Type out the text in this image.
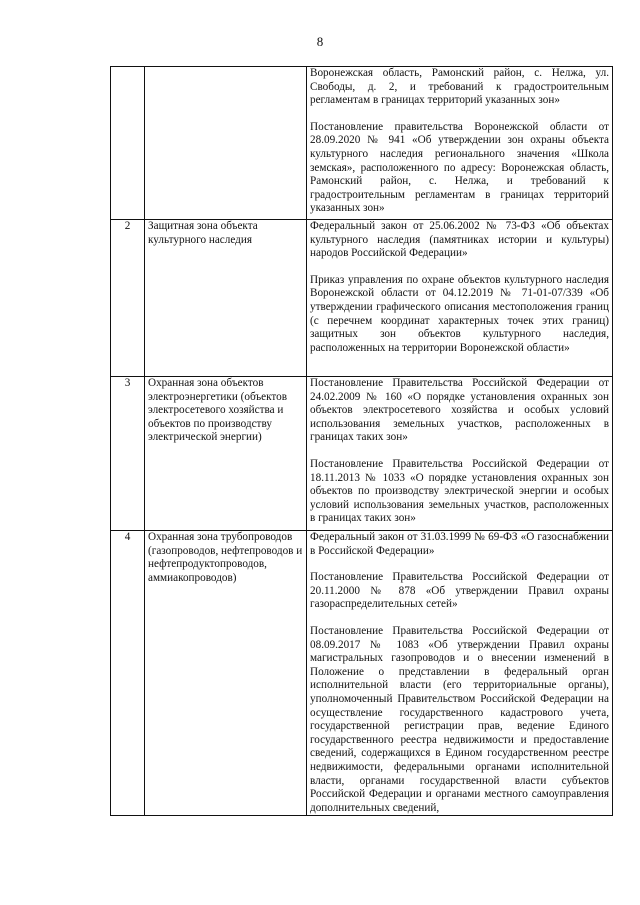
8

		Воронежская область, Рамонский район, с. Нелжа, ул. Свободы, д. 2, и требований к градостроительным регламентам в границах территорий указанных зон»

Постановление правительства Воронежской области от 28.09.2020 № 941 «Об утверждении зон охраны объекта культурного наследия регионального значения «Школа земская», расположенного по адресу: Воронежская область, Рамонский район, с. Нелжа, и требований к градостроительным регламентам в границах территорий указанных зон»

2	Защитная зона объекта культурного наследия	Федеральный закон от 25.06.2002 № 73-ФЗ «Об объектах культурного наследия (памятниках истории и культуры) народов Российской Федерации»

Приказ управления по охране объектов культурного наследия Воронежской области от 04.12.2019 № 71-01-07/339 «Об утверждении графического описания местоположения границ (с перечнем координат характерных точек этих границ) защитных зон объектов культурного наследия, расположенных на территории Воронежской области»

3	Охранная зона объектов электроэнергетики (объектов электросетевого хозяйства и объектов по производству электрической энергии)	Постановление Правительства Российской Федерации от 24.02.2009 № 160 «О порядке установления охранных зон объектов электросетевого хозяйства и особых условий использования земельных участков, расположенных в границах таких зон»

Постановление Правительства Российской Федерации от 18.11.2013 № 1033 «О порядке установления охранных зон объектов по производству электрической энергии и особых условий использования земельных участков, расположенных в границах таких зон»

4	Охранная зона трубопроводов (газопроводов, нефтепроводов и нефтепродуктопроводов, аммиакопроводов)	Федеральный закон от 31.03.1999 № 69-ФЗ «О газоснабжении в Российской Федерации»

Постановление Правительства Российской Федерации от 20.11.2000 № 878 «Об утверждении Правил охраны газораспределительных сетей»

Постановление Правительства Российской Федерации от 08.09.2017 № 1083 «Об утверждении Правил охраны магистральных газопроводов и о внесении изменений в Положение о представлении в федеральный орган исполнительной власти (его территориальные органы), уполномоченный Правительством Российской Федерации на осуществление государственного кадастрового учета, государственной регистрации прав, ведение Единого государственного реестра недвижимости и предоставление сведений, содержащихся в Едином государственном реестре недвижимости, федеральными органами исполнительной власти, органами государственной власти субъектов Российской Федерации и органами местного самоуправления дополнительных сведений,
